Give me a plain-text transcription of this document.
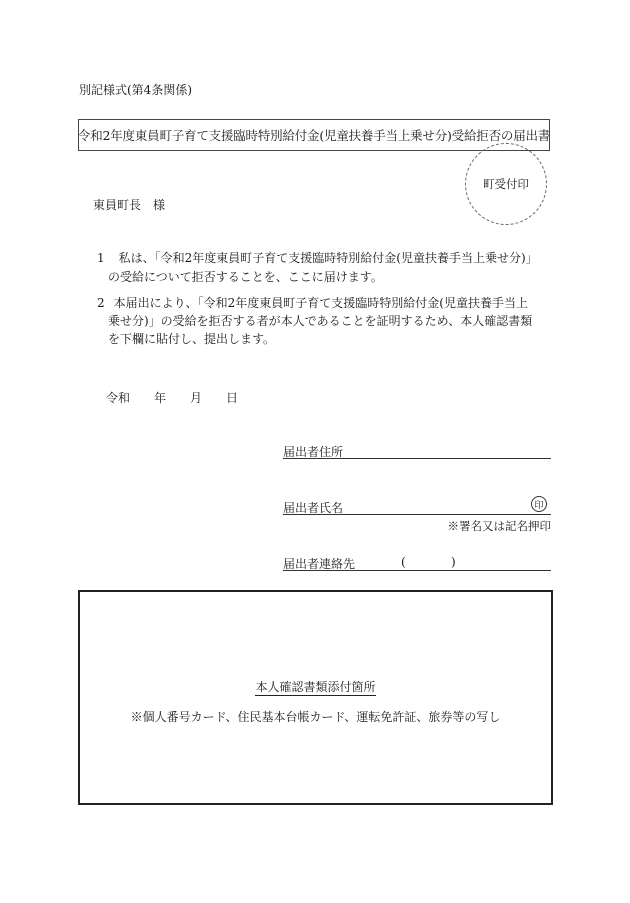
別記様式(第4条関係)
令和2年度東員町子育て支援臨時特別給付金(児童扶養手当上乗せ分)受給拒否の届出書
町受付印
東員町長　様
1 私は、「令和2年度東員町子育て支援臨時特別給付金(児童扶養手当上乗せ分)」
の受給について拒否することを、ここに届けます。
2 本届出により、「令和2年度東員町子育て支援臨時特別給付金(児童扶養手当上
乗せ分)」の受給を拒否する者が本人であることを証明するため、本人確認書類
を下欄に貼付し、提出します。
令和 年 月 日
届出者住所
届出者氏名	印
※署名又は記名押印
届出者連絡先	(	)
本人確認書類添付箇所
※個人番号カード、住民基本台帳カード、運転免許証、旅券等の写し
